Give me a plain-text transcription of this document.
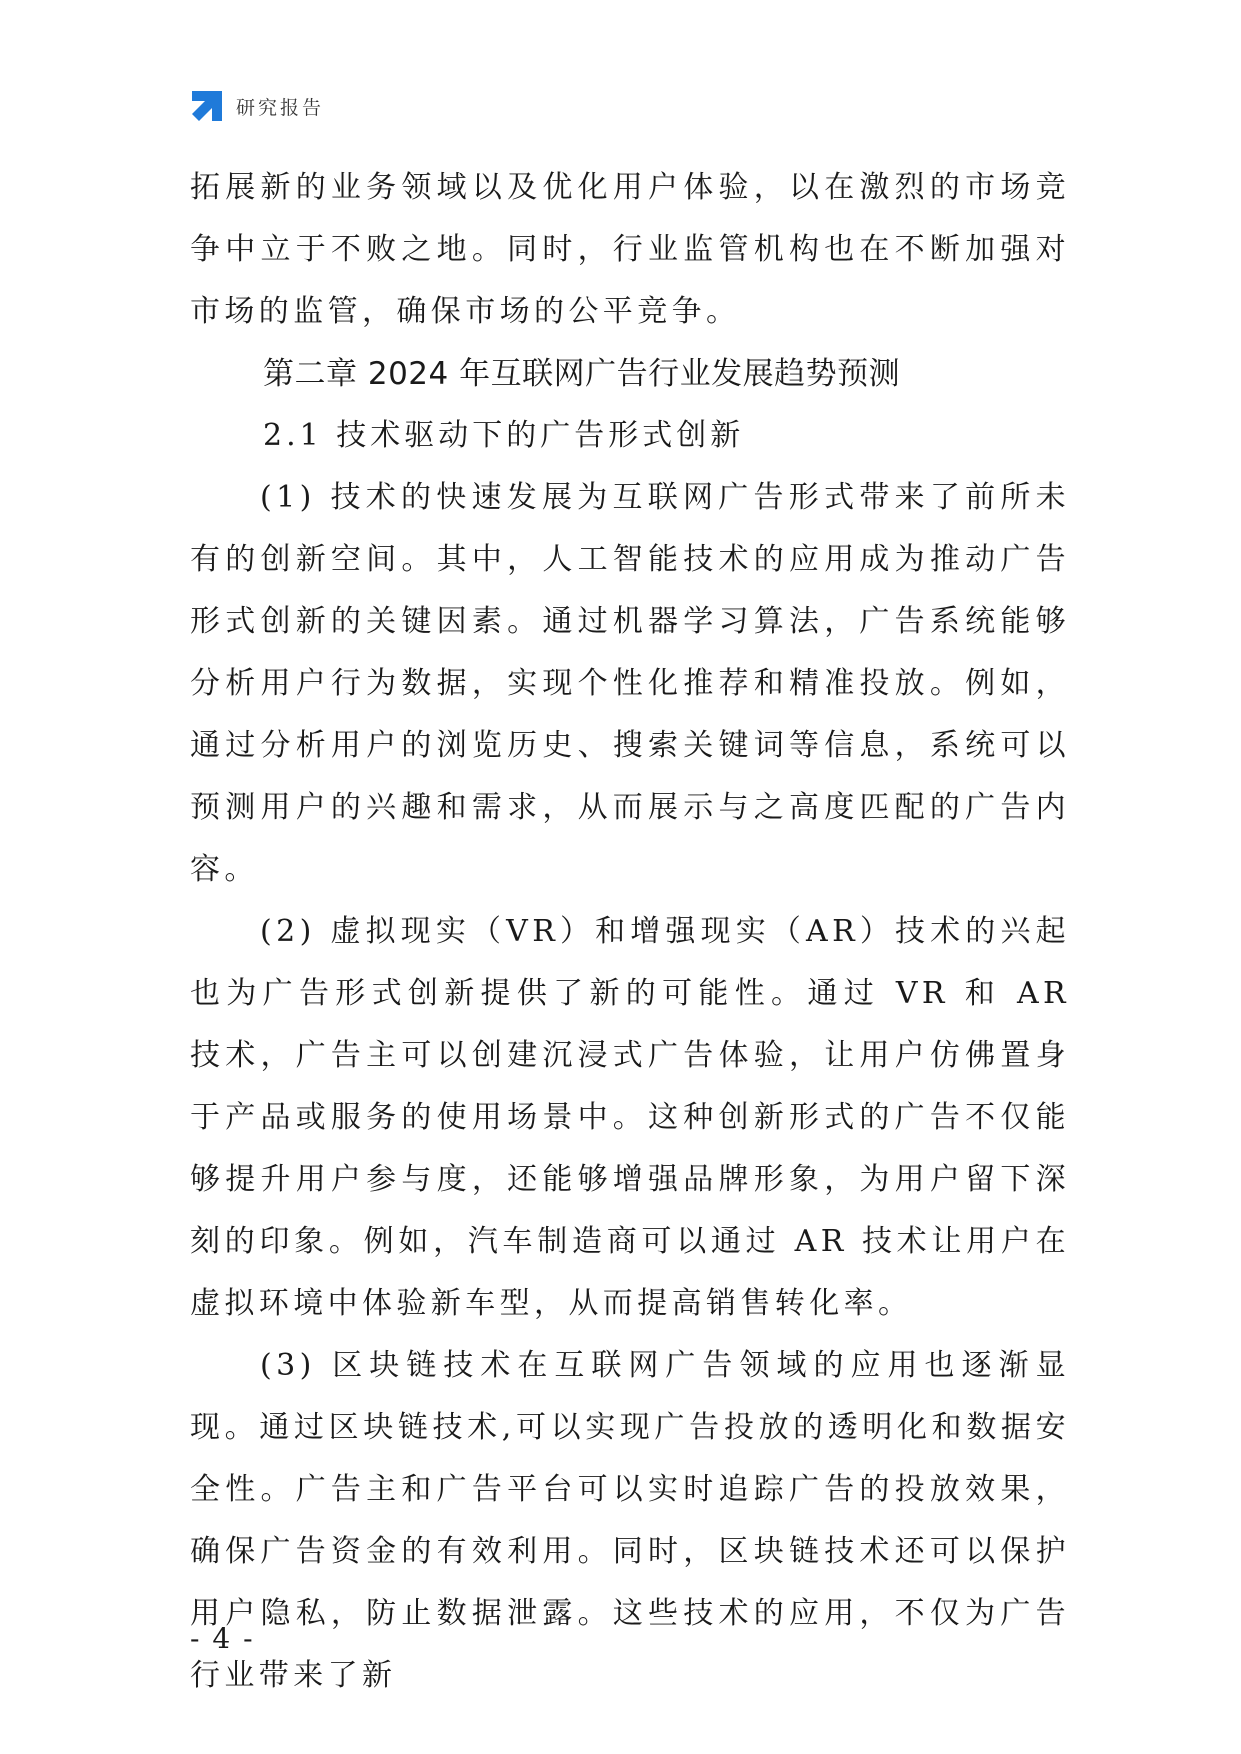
研究报告

拓展新的业务领域以及优化用户体验，以在激烈的市场竞争中立于不败之地。同时，行业监管机构也在不断加强对市场的监管，确保市场的公平竞争。

第二章 2024 年互联网广告行业发展趋势预测
2.1 技术驱动下的广告形式创新

(1) 技术的快速发展为互联网广告形式带来了前所未有的创新空间。其中，人工智能技术的应用成为推动广告形式创新的关键因素。通过机器学习算法，广告系统能够分析用户行为数据，实现个性化推荐和精准投放。例如，通过分析用户的浏览历史、搜索关键词等信息，系统可以预测用户的兴趣和需求，从而展示与之高度匹配的广告内容。

(2) 虚拟现实（VR）和增强现实（AR）技术的兴起也为广告形式创新提供了新的可能性。通过 VR 和 AR 技术，广告主可以创建沉浸式广告体验，让用户仿佛置身于产品或服务的使用场景中。这种创新形式的广告不仅能够提升用户参与度，还能够增强品牌形象，为用户留下深刻的印象。例如，汽车制造商可以通过 AR 技术让用户在虚拟环境中体验新车型，从而提高销售转化率。

(3) 区块链技术在互联网广告领域的应用也逐渐显现。通过区块链技术,可以实现广告投放的透明化和数据安全性。广告主和广告平台可以实时追踪广告的投放效果，确保广告资金的有效利用。同时，区块链技术还可以保护用户隐私，防止数据泄露。这些技术的应用，不仅为广告行业带来了新

- 4 -
